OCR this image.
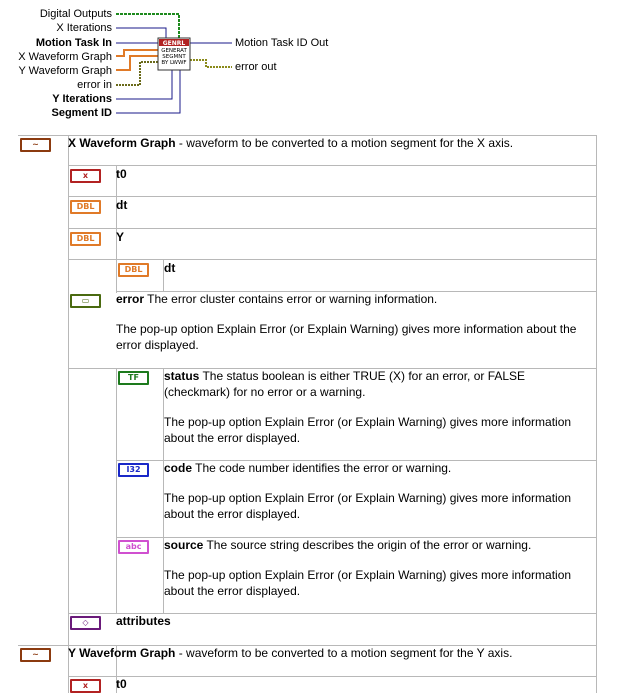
GENRL
GENERAT
SEGMNT
BY LWWF
Digital Outputs
X Iterations
Motion Task In
X Waveform Graph
Y Waveform Graph
error in
Y Iterations
Segment ID
Motion Task ID Out
error out
~	X Waveform Graph - waveform to be converted to a motion segment for the X axis.
x	t0
DBL	dt
DBL	Y
DBL	dt
▭	error The error cluster contains error or warning information.
The pop-up option Explain Error (or Explain Warning) gives more information about the error displayed.
TF	status The status boolean is either TRUE (X) for an error, or FALSE (checkmark) for no error or a warning.
The pop-up option Explain Error (or Explain Warning) gives more information about the error displayed.
I32	code The code number identifies the error or warning.
The pop-up option Explain Error (or Explain Warning) gives more information about the error displayed.
abc	source The source string describes the origin of the error or warning.
The pop-up option Explain Error (or Explain Warning) gives more information about the error displayed.
◇	attributes
~	Y Waveform Graph - waveform to be converted to a motion segment for the Y axis.
x	t0
